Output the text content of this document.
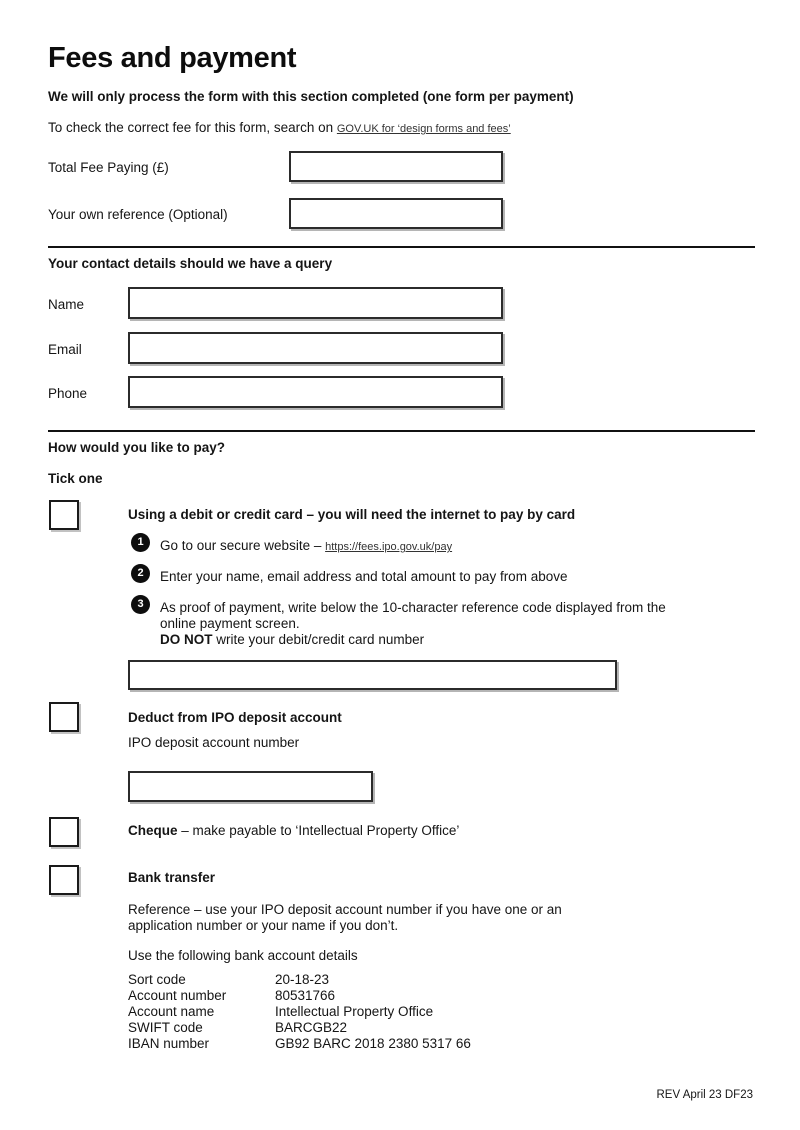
Fees and payment
We will only process the form with this section completed (one form per payment)
To check the correct fee for this form, search on GOV.UK for ‘design forms and fees’
Total Fee Paying (£)
Your own reference (Optional)
Your contact details should we have a query
Name
Email
Phone
How would you like to pay?
Tick one
Using a debit or credit card – you will need the internet to pay by card
1	Go to our secure website – https://fees.ipo.gov.uk/pay
2	Enter your name, email address and total amount to pay from above
3	As proof of payment, write below the 10-character reference code displayed from the online payment screen.
DO NOT write your debit/credit card number
Deduct from IPO deposit account
IPO deposit account number
Cheque – make payable to ‘Intellectual Property Office’
Bank transfer
Reference – use your IPO deposit account number if you have one or an application number or your name if you don’t.
Use the following bank account details
Sort code	20-18-23
Account number	80531766
Account name	Intellectual Property Office
SWIFT code	BARCGB22
IBAN number	GB92 BARC 2018 2380 5317 66
REV April 23 DF23
